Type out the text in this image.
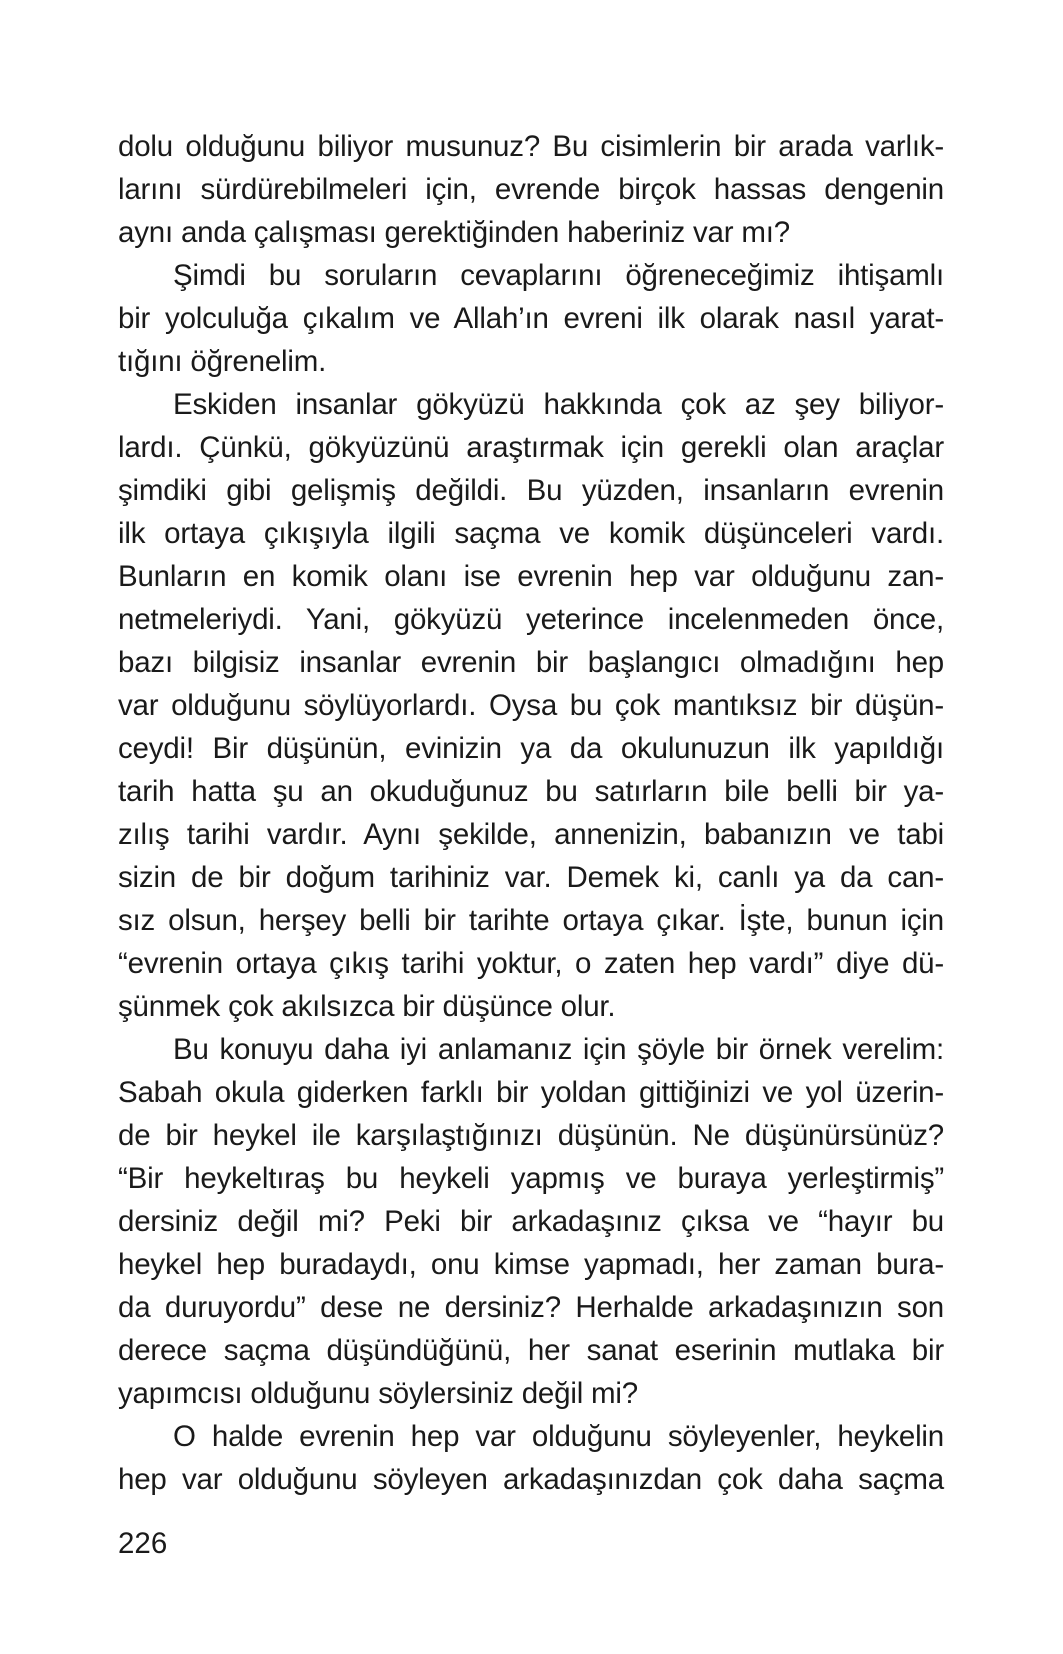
dolu olduğunu biliyor musunuz? Bu cisimlerin bir arada varlık-
larını sürdürebilmeleri için, evrende birçok hassas dengenin
aynı anda çalışması gerektiğinden haberiniz var mı?
Şimdi bu soruların cevaplarını öğreneceğimiz ihtişamlı
bir yolculuğa çıkalım ve Allah’ın evreni ilk olarak nasıl yarat-
tığını öğrenelim.
Eskiden insanlar gökyüzü hakkında çok az şey biliyor-
lardı. Çünkü, gökyüzünü araştırmak için gerekli olan araçlar
şimdiki gibi gelişmiş değildi. Bu yüzden, insanların evrenin
ilk ortaya çıkışıyla ilgili saçma ve komik düşünceleri vardı.
Bunların en komik olanı ise evrenin hep var olduğunu zan-
netmeleriydi. Yani, gökyüzü yeterince incelenmeden önce,
bazı bilgisiz insanlar evrenin bir başlangıcı olmadığını hep
var olduğunu söylüyorlardı. Oysa bu çok mantıksız bir düşün-
ceydi! Bir düşünün, evinizin ya da okulunuzun ilk yapıldığı
tarih hatta şu an okuduğunuz bu satırların bile belli bir ya-
zılış tarihi vardır. Aynı şekilde, annenizin, babanızın ve tabi
sizin de bir doğum tarihiniz var. Demek ki, canlı ya da can-
sız olsun, herşey belli bir tarihte ortaya çıkar. İşte, bunun için
“evrenin ortaya çıkış tarihi yoktur, o zaten hep vardı” diye dü-
şünmek çok akılsızca bir düşünce olur.
Bu konuyu daha iyi anlamanız için şöyle bir örnek verelim:
Sabah okula giderken farklı bir yoldan gittiğinizi ve yol üzerin-
de bir heykel ile karşılaştığınızı düşünün. Ne düşünürsünüz?
“Bir heykeltıraş bu heykeli yapmış ve buraya yerleştirmiş”
dersiniz değil mi? Peki bir arkadaşınız çıksa ve “hayır bu
heykel hep buradaydı, onu kimse yapmadı, her zaman bura-
da duruyordu” dese ne dersiniz? Herhalde arkadaşınızın son
derece saçma düşündüğünü, her sanat eserinin mutlaka bir
yapımcısı olduğunu söylersiniz değil mi?
O halde evrenin hep var olduğunu söyleyenler, heykelin
hep var olduğunu söyleyen arkadaşınızdan çok daha saçma
226
